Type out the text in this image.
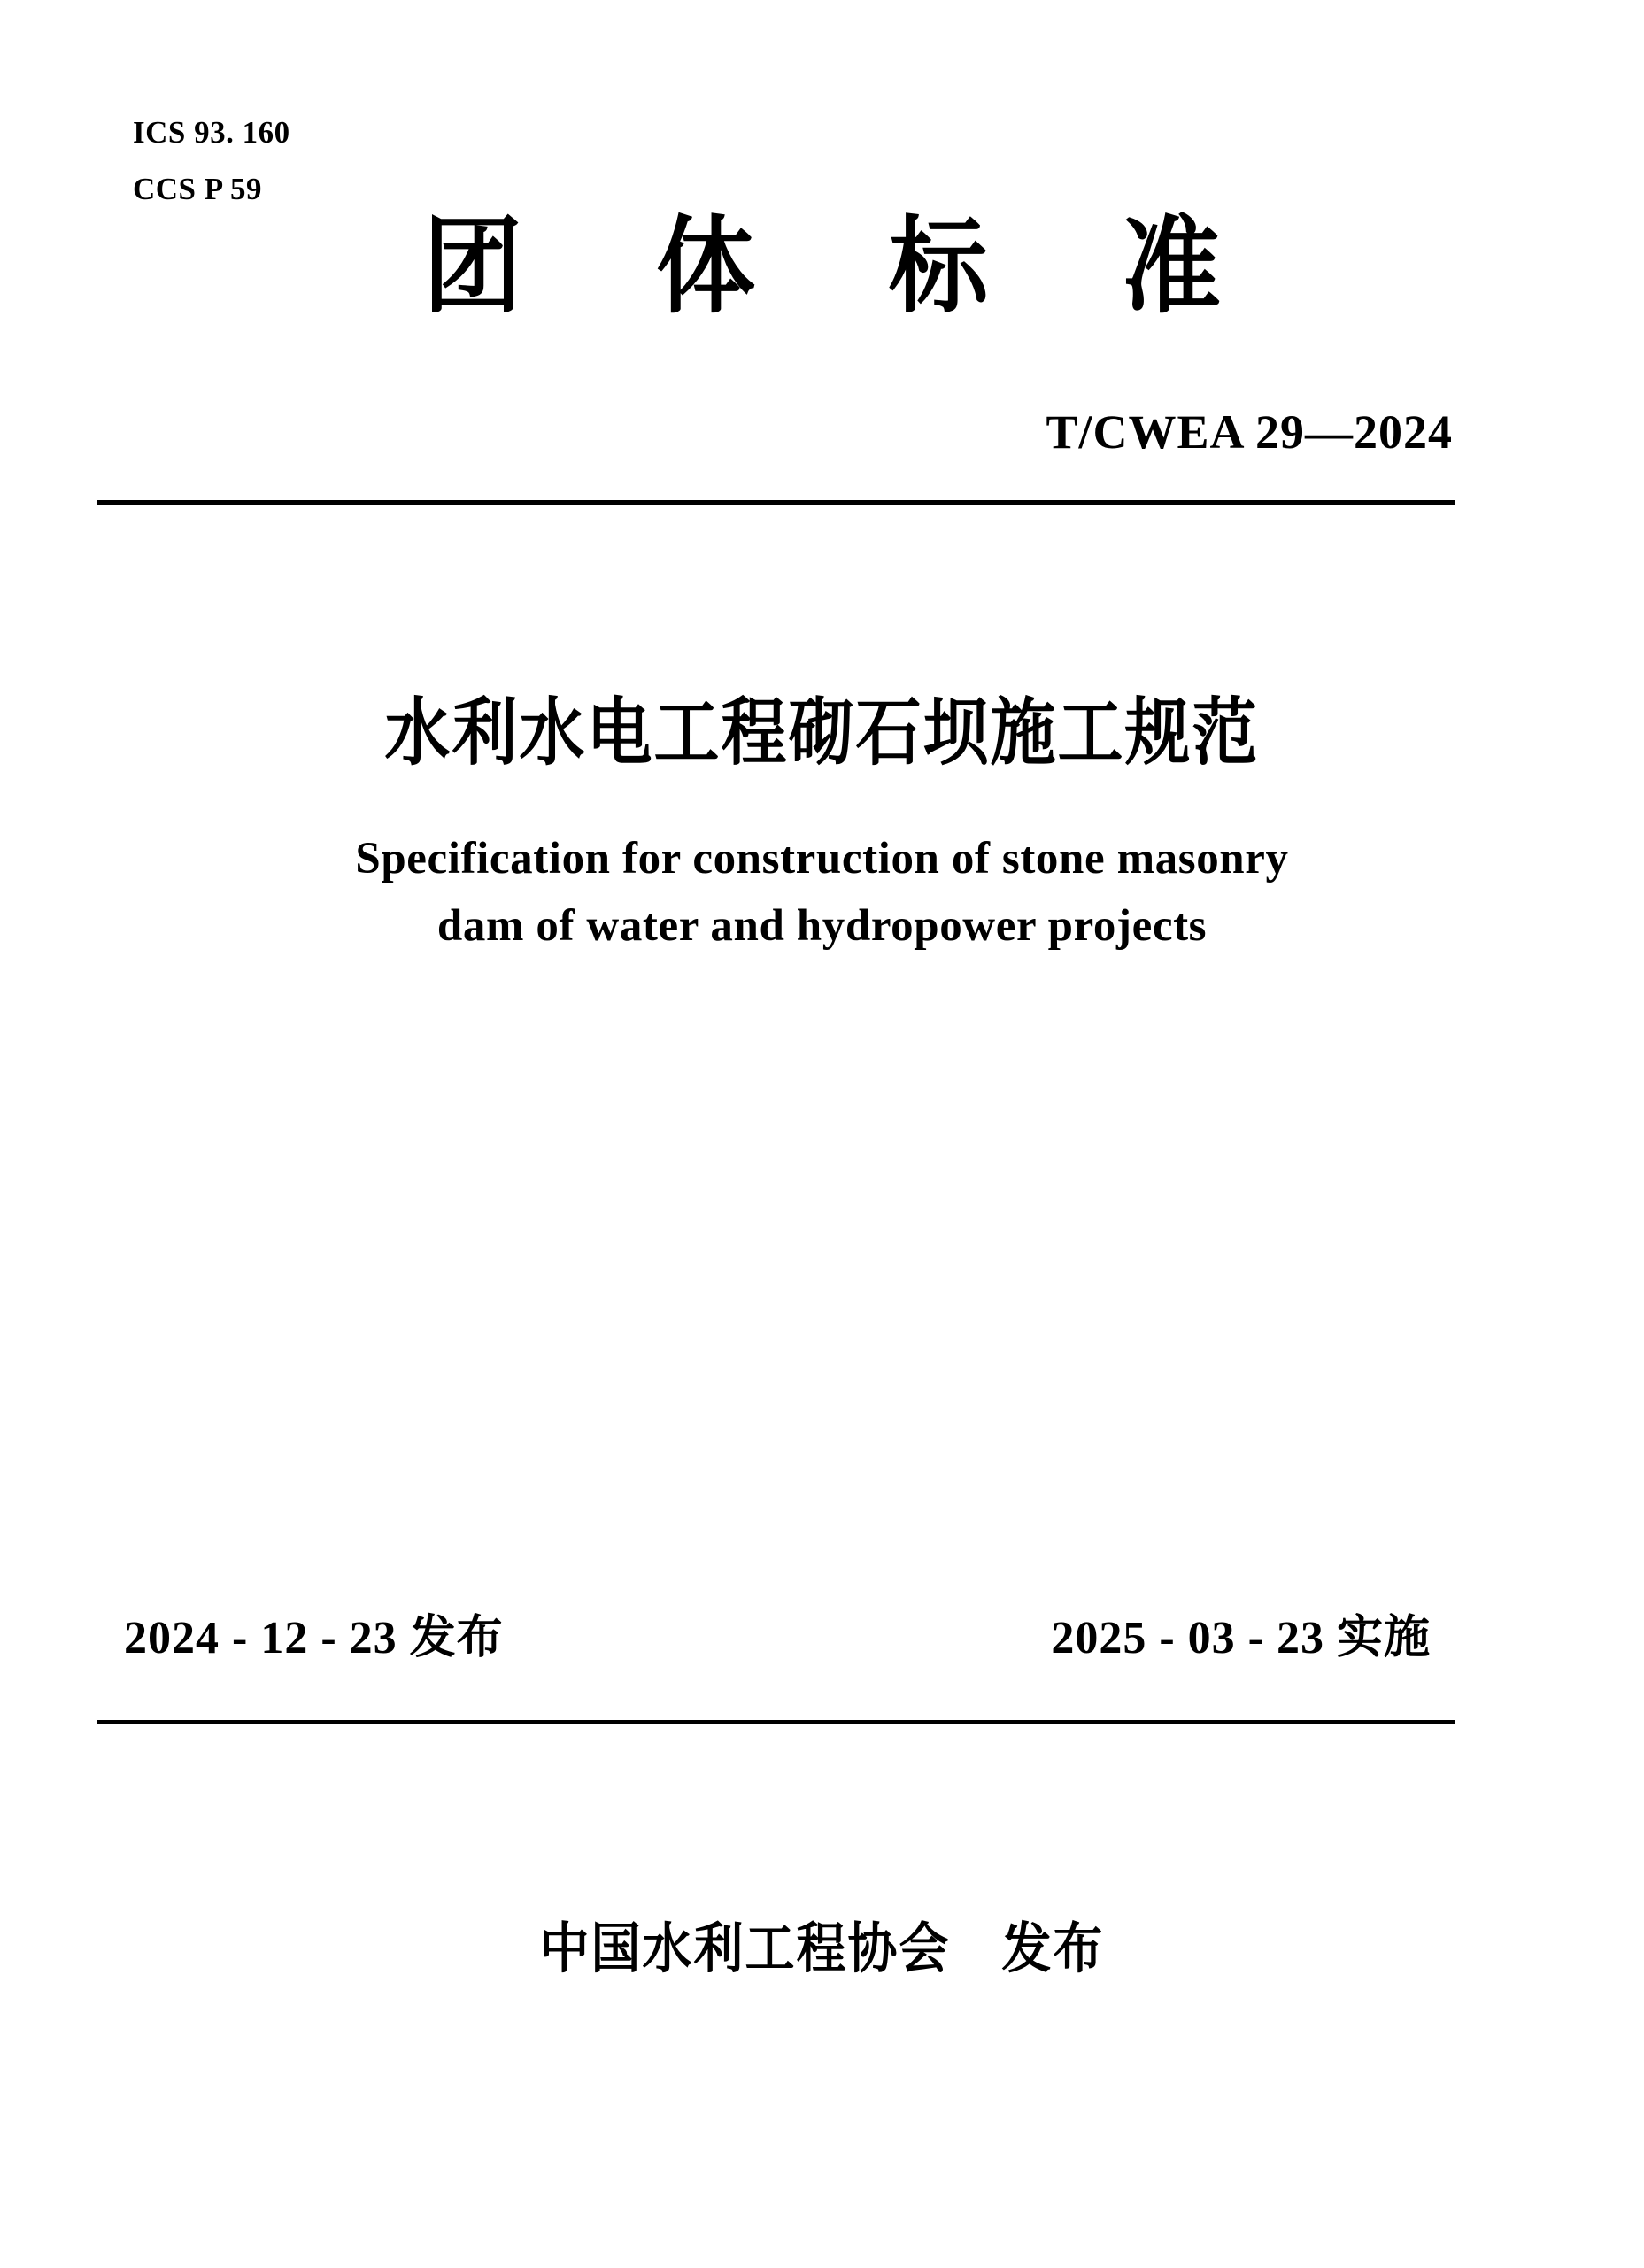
ICS 93. 160
CCS P 59
团 体 标 准
T/CWEA 29—2024
水利水电工程砌石坝施工规范
Specification for construction of stone masonry
dam of water and hydropower projects
2024 - 12 - 23 发布	2025 - 03 - 23 实施
中国水利工程协会　发布
